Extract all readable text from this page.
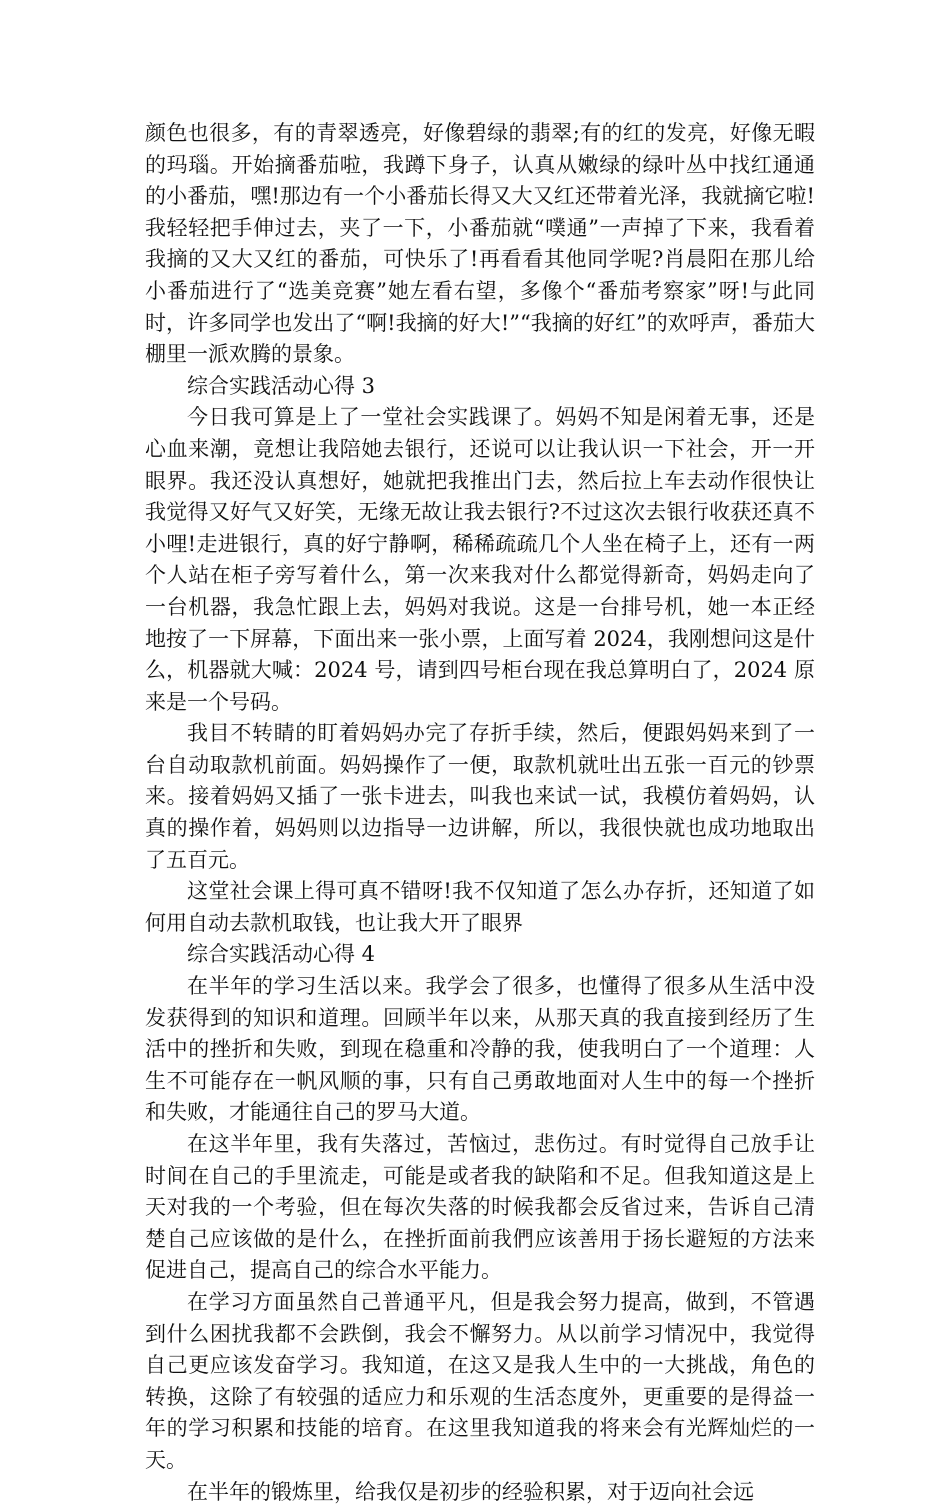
颜色也很多，有的青翠透亮，好像碧绿的翡翠;有的红的发亮，好像无暇的玛瑙。开始摘番茄啦，我蹲下身子，认真从嫩绿的绿叶丛中找红通通的小番茄，嘿!那边有一个小番茄长得又大又红还带着光泽，我就摘它啦!我轻轻把手伸过去，夹了一下，小番茄就“噗通”一声掉了下来，我看着我摘的又大又红的番茄，可快乐了!再看看其他同学呢?肖晨阳在那儿给小番茄进行了“选美竞赛”她左看右望，多像个“番茄考察家”呀!与此同时，许多同学也发出了“啊!我摘的好大!”“我摘的好红”的欢呼声，番茄大棚里一派欢腾的景象。

综合实践活动心得 3

今日我可算是上了一堂社会实践课了。妈妈不知是闲着无事，还是心血来潮，竟想让我陪她去银行，还说可以让我认识一下社会，开一开眼界。我还没认真想好，她就把我推出门去，然后拉上车去动作很快让我觉得又好气又好笑，无缘无故让我去银行?不过这次去银行收获还真不小哩!走进银行，真的好宁静啊，稀稀疏疏几个人坐在椅子上，还有一两个人站在柜子旁写着什么，第一次来我对什么都觉得新奇，妈妈走向了一台机器，我急忙跟上去，妈妈对我说。这是一台排号机，她一本正经地按了一下屏幕，下面出来一张小票，上面写着 2024，我刚想问这是什么，机器就大喊：2024 号，请到四号柜台现在我总算明白了，2024 原来是一个号码。

我目不转睛的盯着妈妈办完了存折手续，然后，便跟妈妈来到了一台自动取款机前面。妈妈操作了一便，取款机就吐出五张一百元的钞票来。接着妈妈又插了一张卡进去，叫我也来试一试，我模仿着妈妈，认真的操作着，妈妈则以边指导一边讲解，所以，我很快就也成功地取出了五百元。

这堂社会课上得可真不错呀!我不仅知道了怎么办存折，还知道了如何用自动去款机取钱，也让我大开了眼界

综合实践活动心得 4

在半年的学习生活以来。我学会了很多，也懂得了很多从生活中没发获得到的知识和道理。回顾半年以来，从那天真的我直接到经历了生活中的挫折和失败，到现在稳重和冷静的我，使我明白了一个道理：人生不可能存在一帆风顺的事，只有自己勇敢地面对人生中的每一个挫折和失败，才能通往自己的罗马大道。

在这半年里，我有失落过，苦恼过，悲伤过。有时觉得自己放手让时间在自己的手里流走，可能是或者我的缺陷和不足。但我知道这是上天对我的一个考验，但在每次失落的时候我都会反省过来，告诉自己清楚自己应该做的是什么，在挫折面前我們应该善用于扬长避短的方法来促进自己，提高自己的综合水平能力。

在学习方面虽然自己普通平凡，但是我会努力提高，做到，不管遇到什么困扰我都不会跌倒，我会不懈努力。从以前学习情况中，我觉得自己更应该发奋学习。我知道，在这又是我人生中的一大挑战，角色的转换，这除了有较强的适应力和乐观的生活态度外，更重要的是得益一年的学习积累和技能的培育。在这里我知道我的将来会有光辉灿烂的一天。

在半年的锻炼里，给我仅是初步的经验积累，对于迈向社会远
